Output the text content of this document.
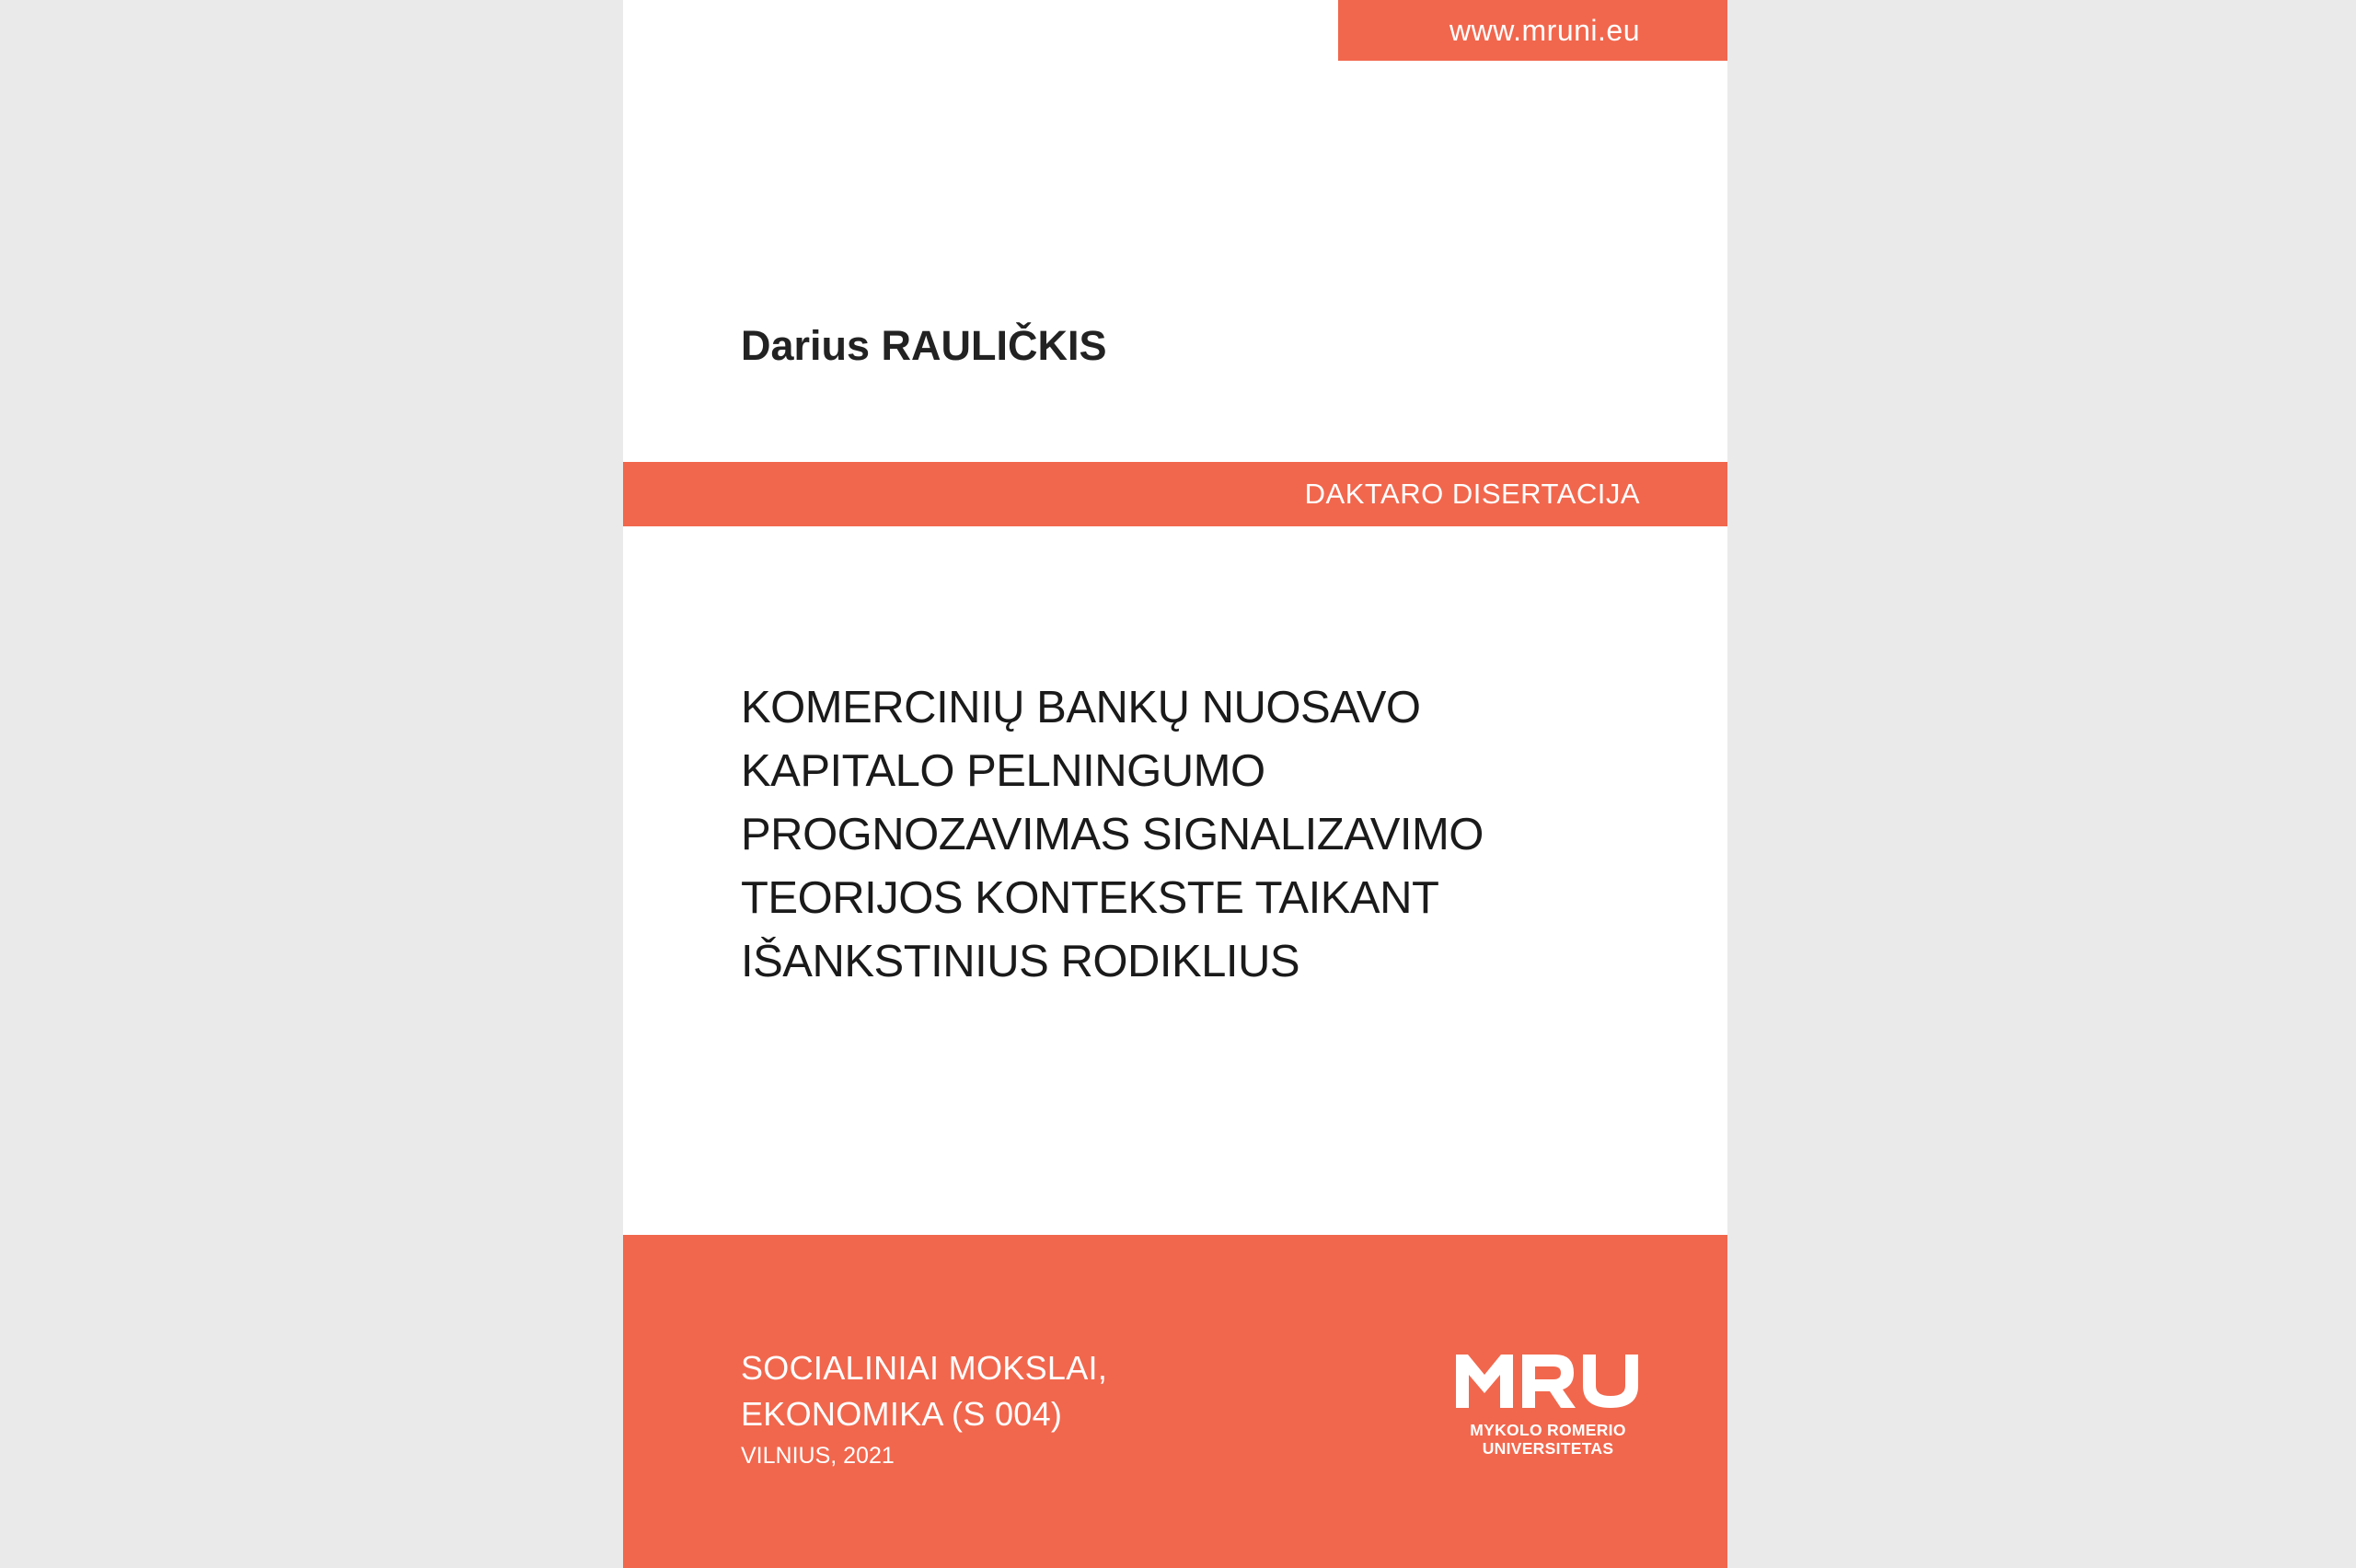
www.mruni.eu
Darius RAULIČKIS
DAKTARO DISERTACIJA
KOMERCINIŲ BANKŲ NUOSAVO
KAPITALO PELNINGUMO
PROGNOZAVIMAS SIGNALIZAVIMO
TEORIJOS KONTEKSTE TAIKANT
IŠANKSTINIUS RODIKLIUS
SOCIALINIAI MOKSLAI,
EKONOMIKA (S 004)
VILNIUS, 2021
MYKOLO ROMERIO
UNIVERSITETAS
